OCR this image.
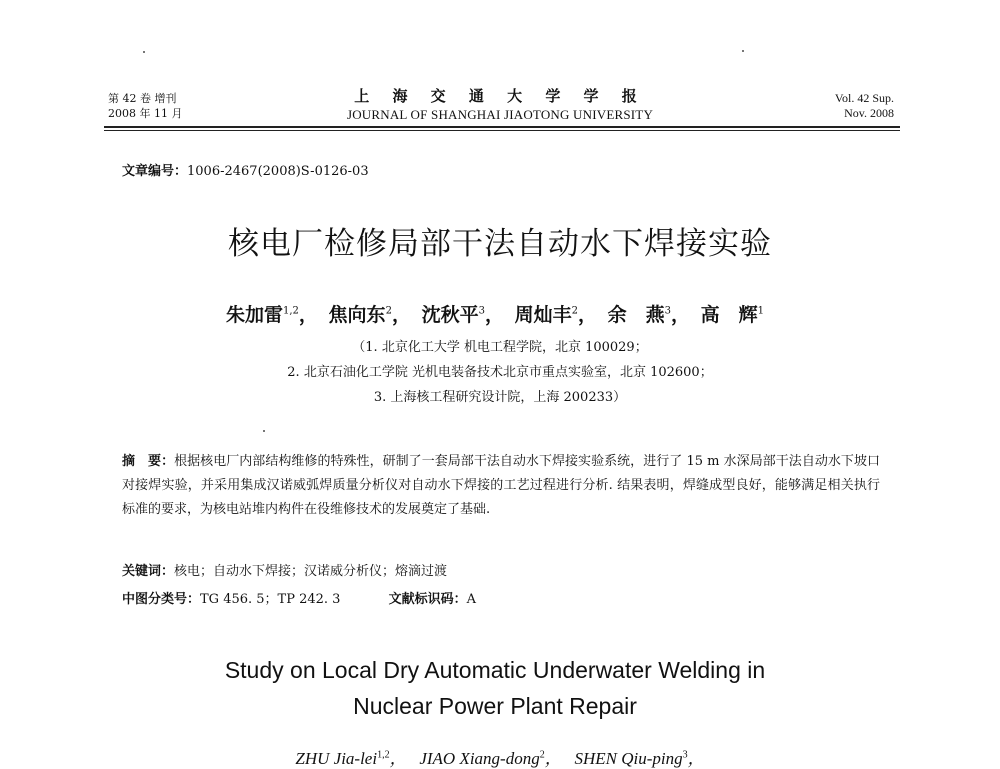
第 42 卷 增刊
2008 年 11 月
上 海 交 通 大 学 学 报
JOURNAL OF SHANGHAI JIAOTONG UNIVERSITY
Vol. 42 Sup.
Nov. 2008
文章编号：1006-2467(2008)S-0126-03
核电厂检修局部干法自动水下焊接实验
朱加雷$^{1,2}$， 焦向东$^2$， 沈秋平$^3$， 周灿丰$^2$， 余　燕$^3$， 高　辉$^1$
（1. 北京化工大学 机电工程学院，北京 100029；
2. 北京石油化工学院 光机电装备技术北京市重点实验室，北京 102600；
3. 上海核工程研究设计院，上海 200233）
摘　要：根据核电厂内部结构维修的特殊性，研制了一套局部干法自动水下焊接实验系统，进行了 15 m 水深局部干法自动水下坡口对接焊实验，并采用集成汉诺威弧焊质量分析仪对自动水下焊接的工艺过程进行分析. 结果表明，焊缝成型良好，能够满足相关执行标准的要求，为核电站堆内构件在役维修技术的发展奠定了基础.
关键词：核电；自动水下焊接；汉诺威分析仪；熔滴过渡
中图分类号：TG 456. 5；TP 242. 3	文献标识码：A
Study on Local Dry Automatic Underwater Welding in
Nuclear Power Plant Repair
ZHU Jia-lei$^{1,2}$， JIAO Xiang-dong$^2$， SHEN Qiu-ping$^3$，
